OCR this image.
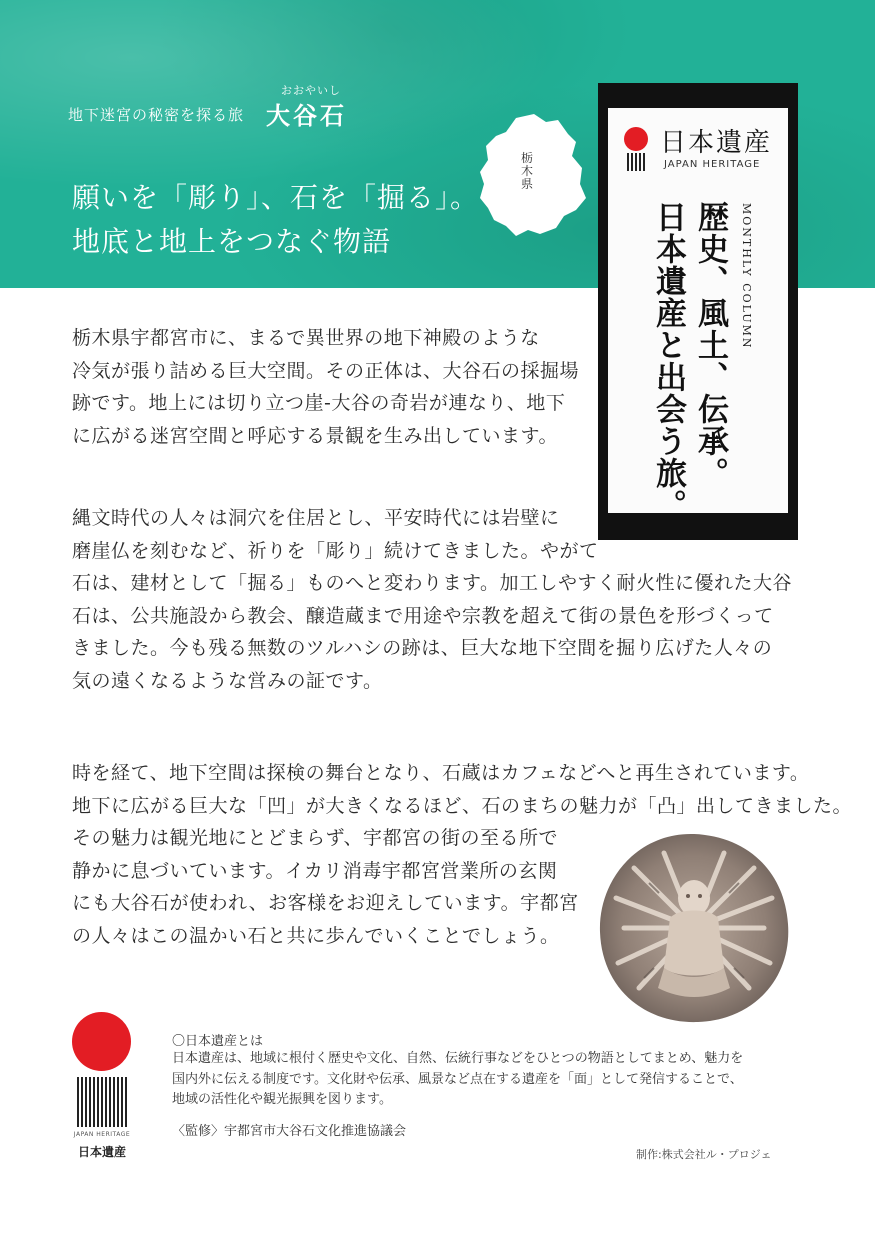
地下迷宮の秘密を探る旅
おおやいし
大谷石
願いを「彫り」、石を「掘る」。
地底と地上をつなぐ物語
栃木県
日本遺産
JAPAN HERITAGE
MONTHLY COLUMN
歴史、風土、伝承。
日本遺産と出会う旅。
栃木県宇都宮市に、まるで異世界の地下神殿のような
冷気が張り詰める巨大空間。その正体は、大谷石の採掘場
跡です。地上には切り立つ崖-大谷の奇岩が連なり、地下
に広がる迷宮空間と呼応する景観を生み出しています。
縄文時代の人々は洞穴を住居とし、平安時代には岩壁に
磨崖仏を刻むなど、祈りを「彫り」続けてきました。やがて
石は、建材として「掘る」ものへと変わります。加工しやすく耐火性に優れた大谷
石は、公共施設から教会、醸造蔵まで用途や宗教を超えて街の景色を形づくって
きました。今も残る無数のツルハシの跡は、巨大な地下空間を掘り広げた人々の
気の遠くなるような営みの証です。
時を経て、地下空間は探検の舞台となり、石蔵はカフェなどへと再生されています。
地下に広がる巨大な「凹」が大きくなるほど、石のまちの魅力が「凸」出してきました。
その魅力は観光地にとどまらず、宇都宮の街の至る所で
静かに息づいています。イカリ消毒宇都宮営業所の玄関
にも大谷石が使われ、お客様をお迎えしています。宇都宮
の人々はこの温かい石と共に歩んでいくことでしょう。
JAPAN HERITAGE
日本遺産
〇日本遺産とは
日本遺産は、地域に根付く歴史や文化、自然、伝統行事などをひとつの物語としてまとめ、魅力を
国内外に伝える制度です。文化財や伝承、風景など点在する遺産を「面」として発信することで、
地域の活性化や観光振興を図ります。
〈監修〉宇都宮市大谷石文化推進協議会
制作:株式会社ル・プロジェ
